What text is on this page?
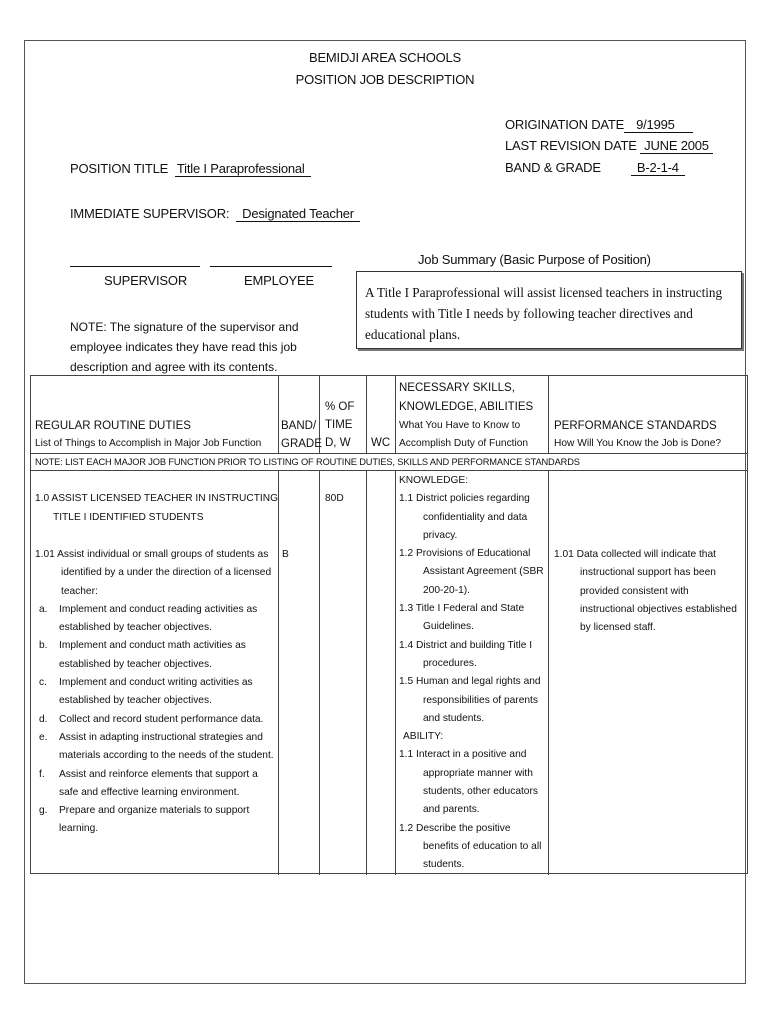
BEMIDJI AREA SCHOOLS
POSITION JOB DESCRIPTION
ORIGINATION DATE 9/1995
LAST REVISION DATE JUNE 2005
BAND & GRADE	B-2-1-4
POSITION TITLE Title I Paraprofessional
IMMEDIATE SUPERVISOR: Designated Teacher
SUPERVISOR	EMPLOYEE
Job Summary (Basic Purpose of Position)
A Title I Paraprofessional will assist licensed teachers in instructing students with Title I needs by following teacher directives and educational plans.
NOTE: The signature of the supervisor and employee indicates they have read this job description and agree with its contents.
REGULAR ROUTINE DUTIES
List of Things to Accomplish in Major Job Function
BAND/
GRADE
% OF
TIME
D, W WC
NECESSARY SKILLS,
KNOWLEDGE, ABILITIES
What You Have to Know to
Accomplish Duty of Function
PERFORMANCE STANDARDS
How Will You Know the Job is Done?
NOTE: LIST EACH MAJOR JOB FUNCTION PRIOR TO LISTING OF ROUTINE DUTIES, SKILLS AND PERFORMANCE STANDARDS
1.0 ASSIST LICENSED TEACHER IN INSTRUCTING
TITLE I IDENTIFIED STUDENTS
1.01 Assist individual or small groups of students as identified by a under the direction of a licensed teacher:
a. Implement and conduct reading activities as established by teacher objectives.
b. Implement and conduct math activities as established by teacher objectives.
c. Implement and conduct writing activities as established by teacher objectives.
d. Collect and record student performance data.
e. Assist in adapting instructional strategies and materials according to the needs of the student.
f. Assist and reinforce elements that support a safe and effective learning environment.
g. Prepare and organize materials to support learning.
B
80D
KNOWLEDGE:
1.1 District policies regarding confidentiality and data privacy.
1.2 Provisions of Educational Assistant Agreement (SBR 200-20-1).
1.3 Title I Federal and State Guidelines.
1.4 District and building Title I procedures.
1.5 Human and legal rights and responsibilities of parents and students.
ABILITY:
1.1 Interact in a positive and appropriate manner with students, other educators and parents.
1.2 Describe the positive benefits of education to all students.
1.01 Data collected will indicate that instructional support has been provided consistent with instructional objectives established by licensed staff.
